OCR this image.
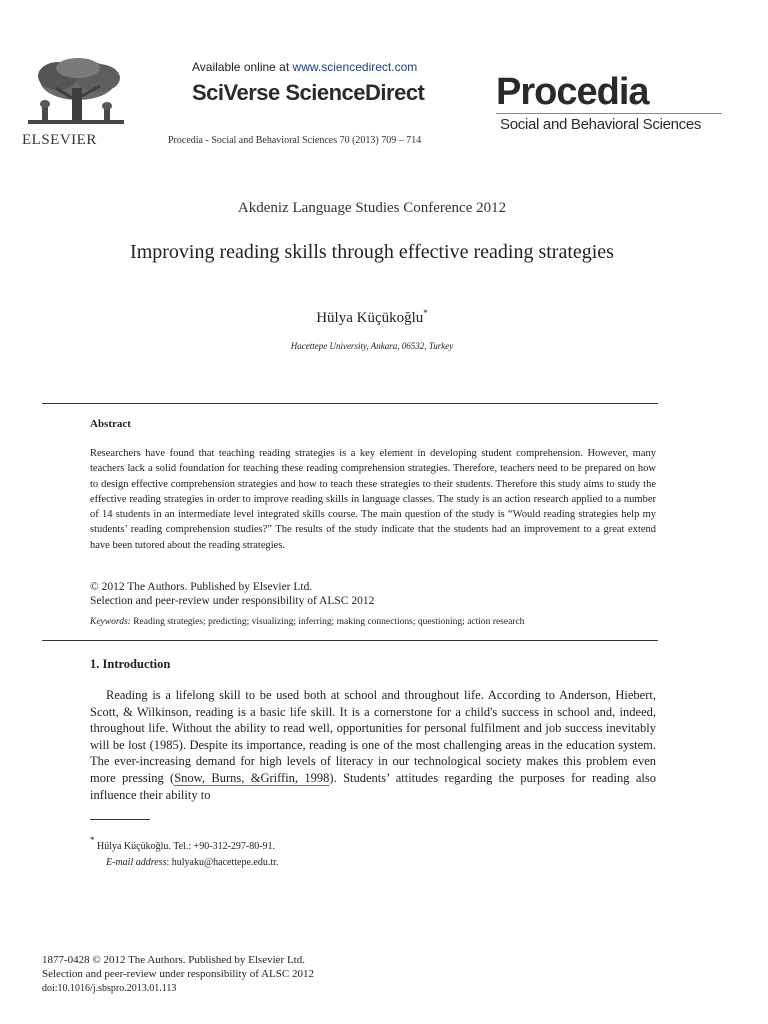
ELSEVIER
Available online at www.sciencedirect.com
SciVerse ScienceDirect
Procedia - Social and Behavioral Sciences 70 (2013) 709 – 714
Procedia
Social and Behavioral Sciences
Akdeniz Language Studies Conference 2012
Improving reading skills through effective reading strategies
Hülya Küçükoğlu*
Hacettepe University, Ankara, 06532, Turkey
Abstract
Researchers have found that teaching reading strategies is a key element in developing student comprehension. However, many teachers lack a solid foundation for teaching these reading comprehension strategies. Therefore, teachers need to be prepared on how to design effective comprehension strategies and how to teach these strategies to their students. Therefore this study aims to study the effective reading strategies in order to improve reading skills in language classes. The study is an action research applied to a number of 14 students in an intermediate level integrated skills course. The main question of the study is “Would reading strategies help my students’ reading comprehension studies?” The results of the study indicate that the students had an improvement to a great extend have been tutored about the reading strategies.
© 2012 The Authors. Published by Elsevier Ltd.
Selection and peer-review under responsibility of ALSC 2012
Keywords: Reading strategies; predicting; visualizing; inferring; making connections; questioning; action research
1. Introduction
Reading is a lifelong skill to be used both at school and throughout life. According to Anderson, Hiebert, Scott, & Wilkinson, reading is a basic life skill. It is a cornerstone for a child's success in school and, indeed, throughout life. Without the ability to read well, opportunities for personal fulfilment and job success inevitably will be lost (1985). Despite its importance, reading is one of the most challenging areas in the education system. The ever-increasing demand for high levels of literacy in our technological society makes this problem even more pressing (Snow, Burns, &Griffin, 1998). Students’ attitudes regarding the purposes for reading also influence their ability to
*
Hülya Küçükoğlu. Tel.: +90-312-297-80-91.
E-mail address: hulyaku@hacettepe.edu.tr.
1877-0428 © 2012 The Authors. Published by Elsevier Ltd.
Selection and peer-review under responsibility of ALSC 2012
doi:10.1016/j.sbspro.2013.01.113
